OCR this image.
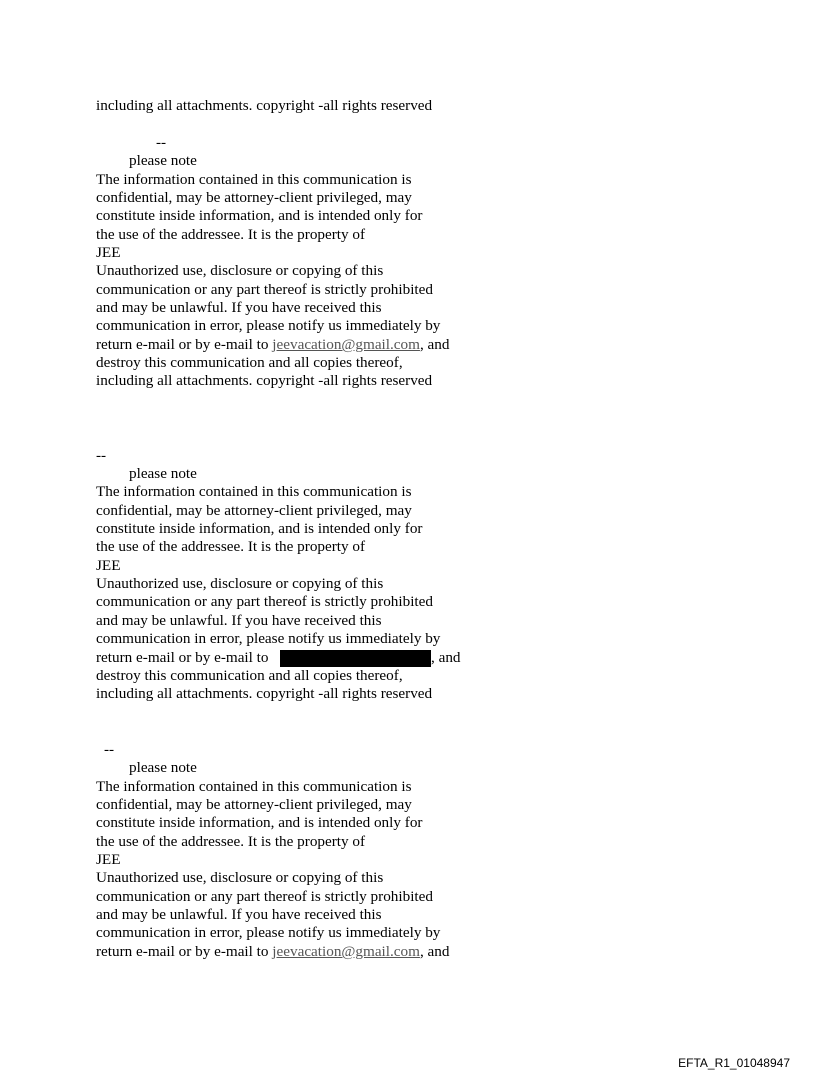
including all attachments. copyright -all rights reserved

--

please note

The information contained in this communication is

confidential, may be attorney-client privileged, may

constitute inside information, and is intended only for

the use of the addressee. It is the property of

JEE

Unauthorized use, disclosure or copying of this

communication or any part thereof is strictly prohibited

and may be unlawful. If you have received this

communication in error, please notify us immediately by

return e-mail or by e-mail to jeevacation@gmail.com, and

destroy this communication and all copies thereof,

including all attachments. copyright -all rights reserved

--

please note

The information contained in this communication is

confidential, may be attorney-client privileged, may

constitute inside information, and is intended only for

the use of the addressee. It is the property of

JEE

Unauthorized use, disclosure or copying of this

communication or any part thereof is strictly prohibited

and may be unlawful. If you have received this

communication in error, please notify us immediately by

return e-mail or by e-mail to	, and

destroy this communication and all copies thereof,

including all attachments. copyright -all rights reserved

--

please note

The information contained in this communication is

confidential, may be attorney-client privileged, may

constitute inside information, and is intended only for

the use of the addressee. It is the property of

JEE

Unauthorized use, disclosure or copying of this

communication or any part thereof is strictly prohibited

and may be unlawful. If you have received this

communication in error, please notify us immediately by

return e-mail or by e-mail to jeevacation@gmail.com, and

EFTA_R1_01048947
